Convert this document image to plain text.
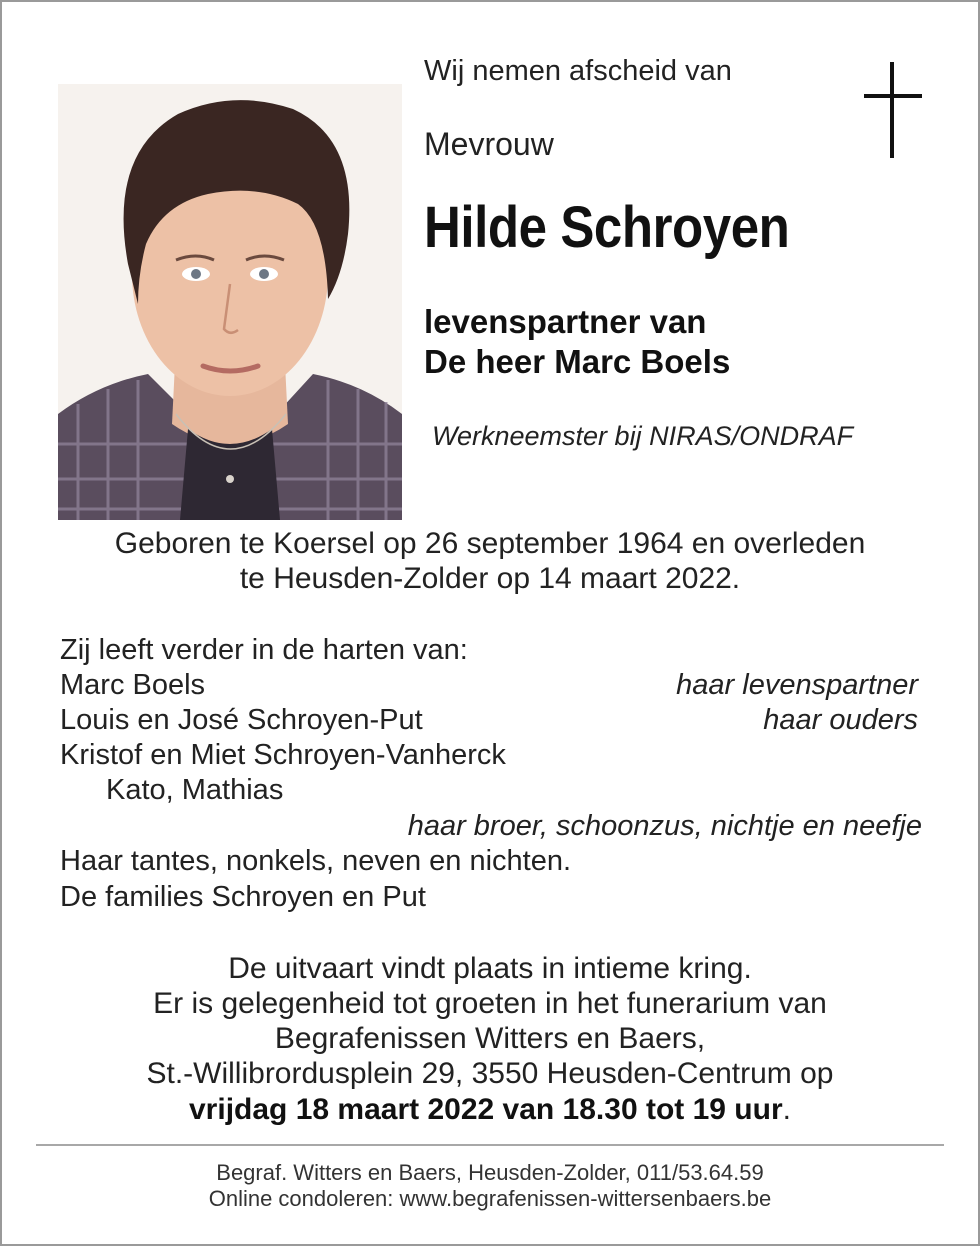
Wij nemen afscheid van
Mevrouw
Hilde Schroyen
levenspartner van
De heer Marc Boels
Werkneemster bij NIRAS/ONDRAF
Geboren te Koersel op 26 september 1964 en overleden
te Heusden-Zolder op 14 maart 2022.
Zij leeft verder in de harten van:
Marc Boels	haar levenspartner
Louis en José Schroyen-Put	haar ouders
Kristof en Miet Schroyen-Vanherck
Kato, Mathias
haar broer, schoonzus, nichtje en neefje
Haar tantes, nonkels, neven en nichten.
De families Schroyen en Put
De uitvaart vindt plaats in intieme kring.
Er is gelegenheid tot groeten in het funerarium van
Begrafenissen Witters en Baers,
St.-Willibrordusplein 29, 3550 Heusden-Centrum op
vrijdag 18 maart 2022 van 18.30 tot 19 uur.
Begraf. Witters en Baers, Heusden-Zolder, 011/53.64.59
Online condoleren: www.begrafenissen-wittersenbaers.be
